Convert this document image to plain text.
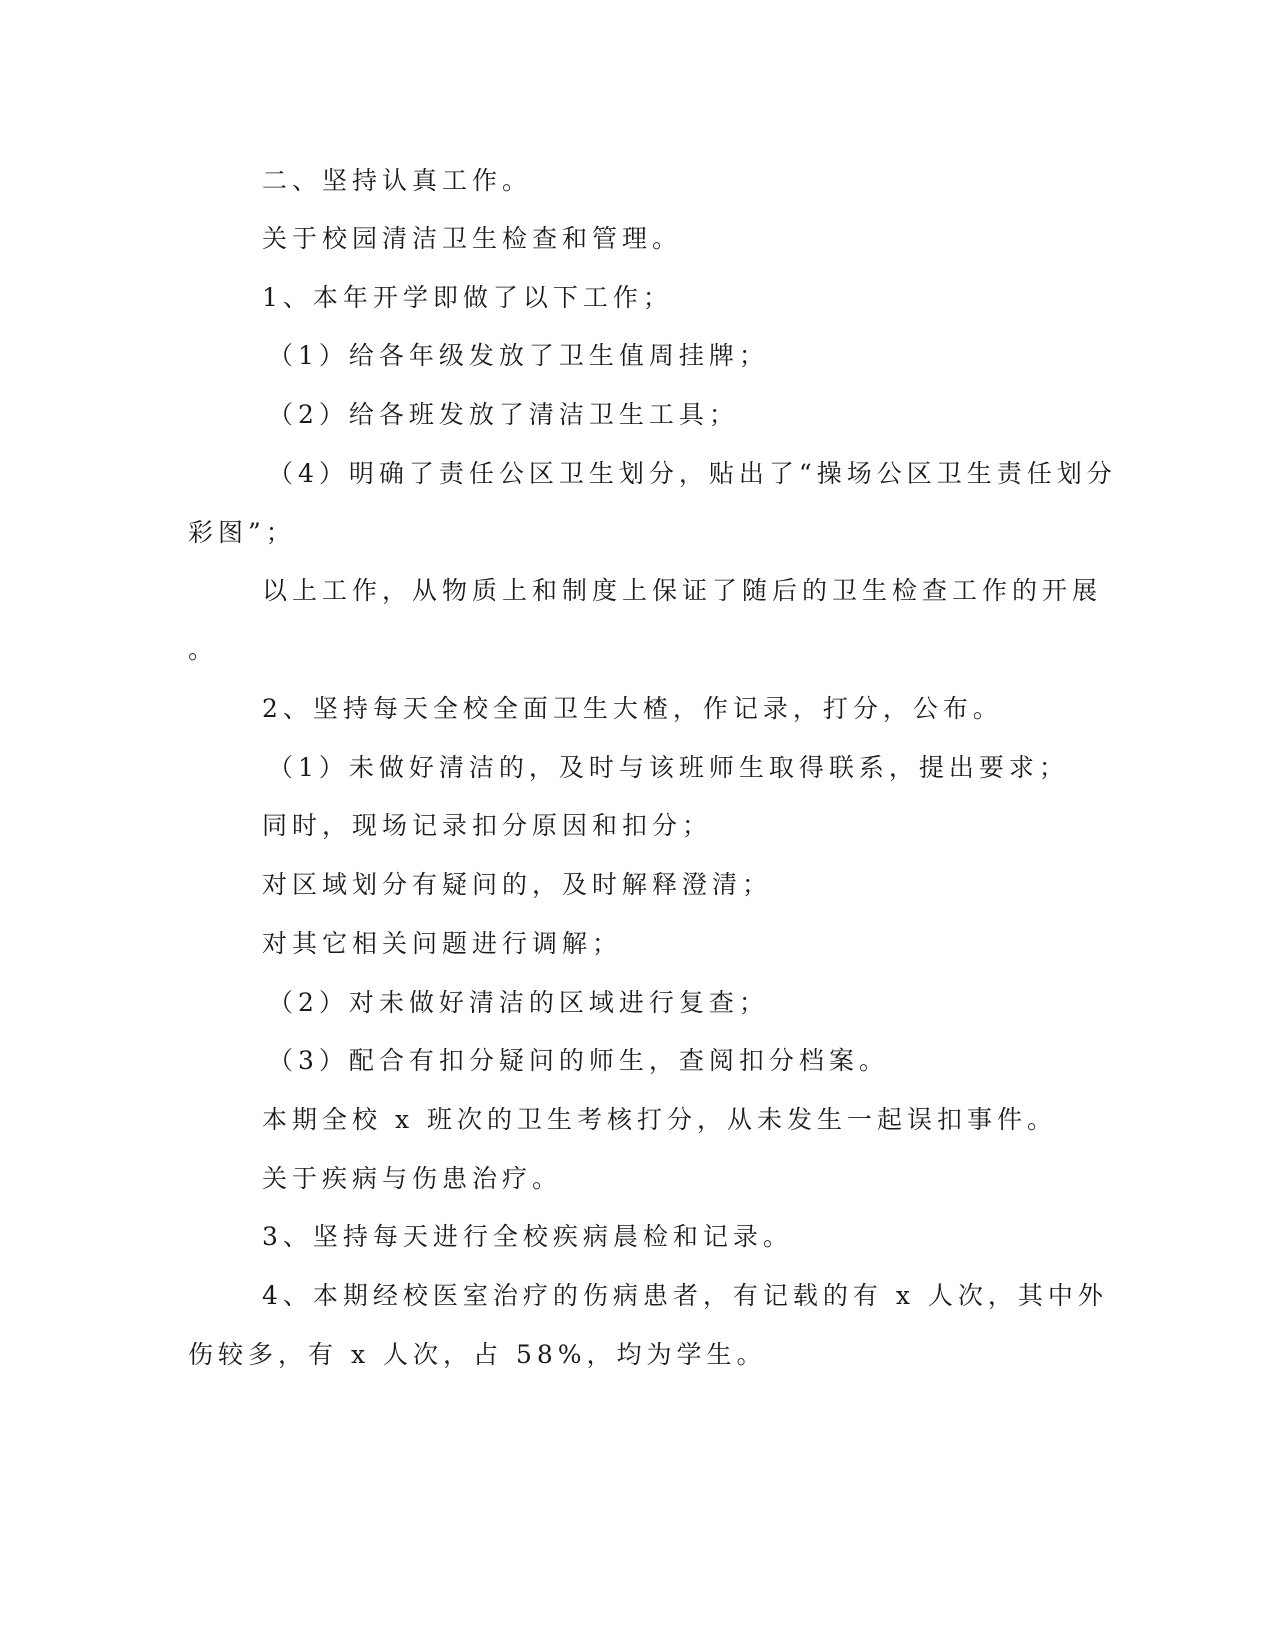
二、坚持认真工作。
关于校园清洁卫生检查和管理。
1、本年开学即做了以下工作；
（1）给各年级发放了卫生值周挂牌；
（2）给各班发放了清洁卫生工具；
（4）明确了责任公区卫生划分，贴出了“操场公区卫生责任划分
彩图”；
以上工作，从物质上和制度上保证了随后的卫生检查工作的开展
。
2、坚持每天全校全面卫生大楂，作记录，打分，公布。
（1）未做好清洁的，及时与该班师生取得联系，提出要求；
同时，现场记录扣分原因和扣分；
对区域划分有疑问的，及时解释澄清；
对其它相关问题进行调解；
（2）对未做好清洁的区域进行复查；
（3）配合有扣分疑问的师生，查阅扣分档案。
本期全校 x 班次的卫生考核打分，从未发生一起误扣事件。
关于疾病与伤患治疗。
3、坚持每天进行全校疾病晨检和记录。
4、本期经校医室治疗的伤病患者，有记载的有 x 人次，其中外
伤较多，有 x 人次，占 58%，均为学生。
